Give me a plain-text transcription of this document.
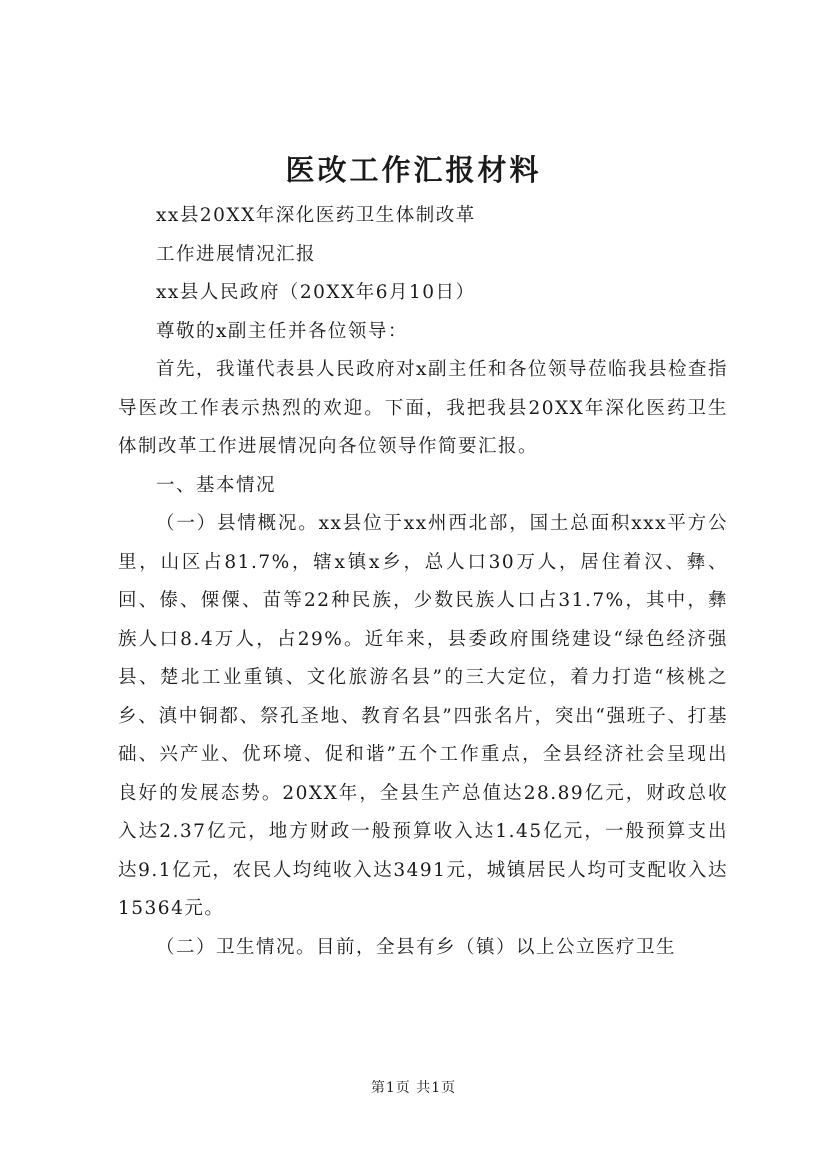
医改工作汇报材料

xx县20XX年深化医药卫生体制改革

工作进展情况汇报

xx县人民政府（20XX年6月10日）

尊敬的x副主任并各位领导：

首先，我谨代表县人民政府对x副主任和各位领导莅临我县检查指导医改工作表示热烈的欢迎。下面，我把我县20XX年深化医药卫生体制改革工作进展情况向各位领导作简要汇报。

一、基本情况

（一）县情概况。xx县位于xx州西北部，国土总面积xxx平方公里，山区占81.7%，辖x镇x乡，总人口30万人，居住着汉、彝、回、傣、傈僳、苗等22种民族，少数民族人口占31.7%，其中，彝族人口8.4万人，占29%。近年来，县委政府围绕建设“绿色经济强县、楚北工业重镇、文化旅游名县”的三大定位，着力打造“核桃之乡、滇中铜都、祭孔圣地、教育名县”四张名片，突出“强班子、打基础、兴产业、优环境、促和谐”五个工作重点，全县经济社会呈现出良好的发展态势。20XX年，全县生产总值达28.89亿元，财政总收入达2.37亿元，地方财政一般预算收入达1.45亿元，一般预算支出达9.1亿元，农民人均纯收入达3491元，城镇居民人均可支配收入达15364元。

（二）卫生情况。目前，全县有乡（镇）以上公立医疗卫生

第1页 共1页
